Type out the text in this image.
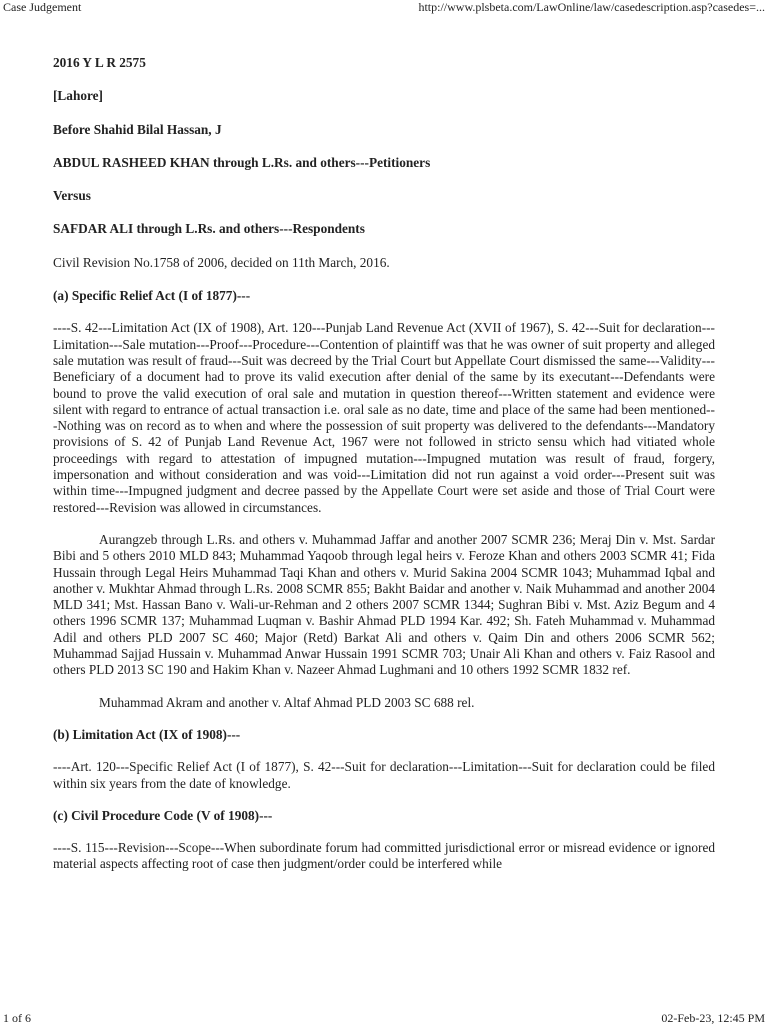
Case Judgement	http://www.plsbeta.com/LawOnline/law/casedescription.asp?casedes=...

2016 Y L R 2575

[Lahore]

Before Shahid Bilal Hassan, J

ABDUL RASHEED KHAN through L.Rs. and others---Petitioners

Versus

SAFDAR ALI through L.Rs. and others---Respondents

Civil Revision No.1758 of 2006, decided on 11th March, 2016.

(a) Specific Relief Act (I of 1877)---

----S. 42---Limitation Act (IX of 1908), Art. 120---Punjab Land Revenue Act (XVII of 1967), S. 42---Suit for declaration---Limitation---Sale mutation---Proof---Procedure---Contention of plaintiff was that he was owner of suit property and alleged sale mutation was result of fraud---Suit was decreed by the Trial Court but Appellate Court dismissed the same---Validity---Beneficiary of a document had to prove its valid execution after denial of the same by its executant---Defendants were bound to prove the valid execution of oral sale and mutation in question thereof---Written statement and evidence were silent with regard to entrance of actual transaction i.e. oral sale as no date, time and place of the same had been mentioned---Nothing was on record as to when and where the possession of suit property was delivered to the defendants---Mandatory provisions of S. 42 of Punjab Land Revenue Act, 1967 were not followed in stricto sensu which had vitiated whole proceedings with regard to attestation of impugned mutation---Impugned mutation was result of fraud, forgery, impersonation and without consideration and was void---Limitation did not run against a void order---Present suit was within time---Impugned judgment and decree passed by the Appellate Court were set aside and those of Trial Court were restored---Revision was allowed in circumstances.

Aurangzeb through L.Rs. and others v. Muhammad Jaffar and another 2007 SCMR 236; Meraj Din v. Mst. Sardar Bibi and 5 others 2010 MLD 843; Muhammad Yaqoob through legal heirs v. Feroze Khan and others 2003 SCMR 41; Fida Hussain through Legal Heirs Muhammad Taqi Khan and others v. Murid Sakina 2004 SCMR 1043; Muhammad Iqbal and another v. Mukhtar Ahmad through L.Rs. 2008 SCMR 855; Bakht Baidar and another v. Naik Muhammad and another 2004 MLD 341; Mst. Hassan Bano v. Wali-ur-Rehman and 2 others 2007 SCMR 1344; Sughran Bibi v. Mst. Aziz Begum and 4 others 1996 SCMR 137; Muhammad Luqman v. Bashir Ahmad PLD 1994 Kar. 492; Sh. Fateh Muhammad v. Muhammad Adil and others PLD 2007 SC 460; Major (Retd) Barkat Ali and others v. Qaim Din and others 2006 SCMR 562; Muhammad Sajjad Hussain v. Muhammad Anwar Hussain 1991 SCMR 703; Unair Ali Khan and others v. Faiz Rasool and others PLD 2013 SC 190 and Hakim Khan v. Nazeer Ahmad Lughmani and 10 others 1992 SCMR 1832 ref.

Muhammad Akram and another v. Altaf Ahmad PLD 2003 SC 688 rel.

(b) Limitation Act (IX of 1908)---

----Art. 120---Specific Relief Act (I of 1877), S. 42---Suit for declaration---Limitation---Suit for declaration could be filed within six years from the date of knowledge.

(c) Civil Procedure Code (V of 1908)---

----S. 115---Revision---Scope---When subordinate forum had committed jurisdictional error or misread evidence or ignored material aspects affecting root of case then judgment/order could be interfered while

1 of 6	02-Feb-23, 12:45 PM
